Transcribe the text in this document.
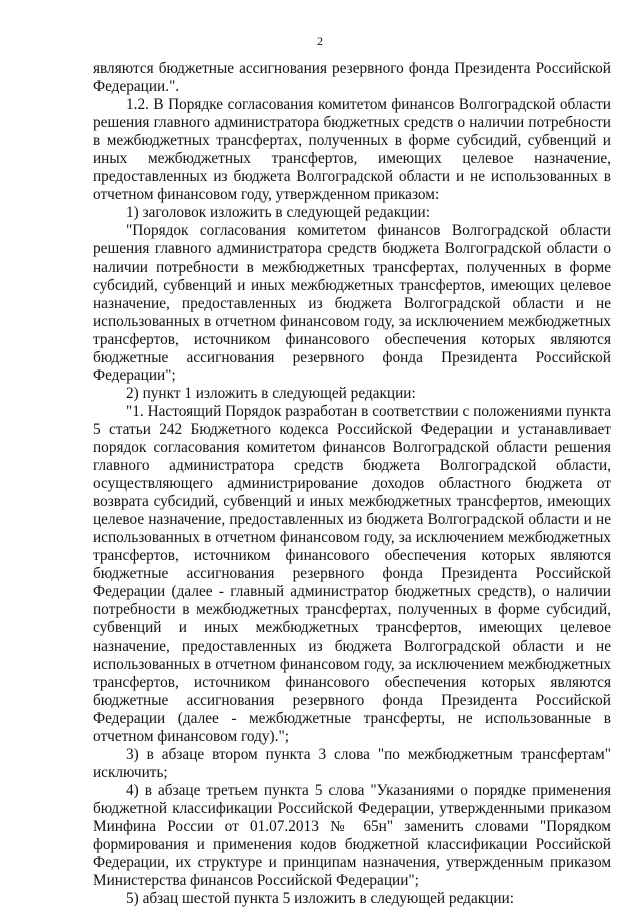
2

являются бюджетные ассигнования резервного фонда Президента Российской Федерации.".

1.2. В Порядке согласования комитетом финансов Волгоградской области решения главного администратора бюджетных средств о наличии потребности в межбюджетных трансфертах, полученных в форме субсидий, субвенций и иных межбюджетных трансфертов, имеющих целевое назначение, предоставленных из бюджета Волгоградской области и не использованных в отчетном финансовом году, утвержденном приказом:

1) заголовок изложить в следующей редакции:

"Порядок согласования комитетом финансов Волгоградской области решения главного администратора средств бюджета Волгоградской области о наличии потребности в межбюджетных трансфертах, полученных в форме субсидий, субвенций и иных межбюджетных трансфертов, имеющих целевое назначение, предоставленных из бюджета Волгоградской области и не использованных в отчетном финансовом году, за исключением межбюджетных трансфертов, источником финансового обеспечения которых являются бюджетные ассигнования резервного фонда Президента Российской Федерации";

2) пункт 1 изложить в следующей редакции:

"1. Настоящий Порядок разработан в соответствии с положениями пункта 5 статьи 242 Бюджетного кодекса Российской Федерации и устанавливает порядок согласования комитетом финансов Волгоградской области решения главного администратора средств бюджета Волгоградской области, осуществляющего администрирование доходов областного бюджета от возврата субсидий, субвенций и иных межбюджетных трансфертов, имеющих целевое назначение, предоставленных из бюджета Волгоградской области и не использованных в отчетном финансовом году, за исключением межбюджетных трансфертов, источником финансового обеспечения которых являются бюджетные ассигнования резервного фонда Президента Российской Федерации (далее - главный администратор бюджетных средств), о наличии потребности в межбюджетных трансфертах, полученных в форме субсидий, субвенций и иных межбюджетных трансфертов, имеющих целевое назначение, предоставленных из бюджета Волгоградской области и не использованных в отчетном финансовом году, за исключением межбюджетных трансфертов, источником финансового обеспечения которых являются бюджетные ассигнования резервного фонда Президента Российской Федерации (далее - межбюджетные трансферты, не использованные в отчетном финансовом году).";

3) в абзаце втором пункта 3 слова "по межбюджетным трансфертам" исключить;

4) в абзаце третьем пункта 5 слова "Указаниями о порядке применения бюджетной классификации Российской Федерации, утвержденными приказом Минфина России от 01.07.2013 № 65н" заменить словами "Порядком формирования и применения кодов бюджетной классификации Российской Федерации, их структуре и принципам назначения, утвержденным приказом Министерства финансов Российской Федерации";

5) абзац шестой пункта 5 изложить в следующей редакции:
